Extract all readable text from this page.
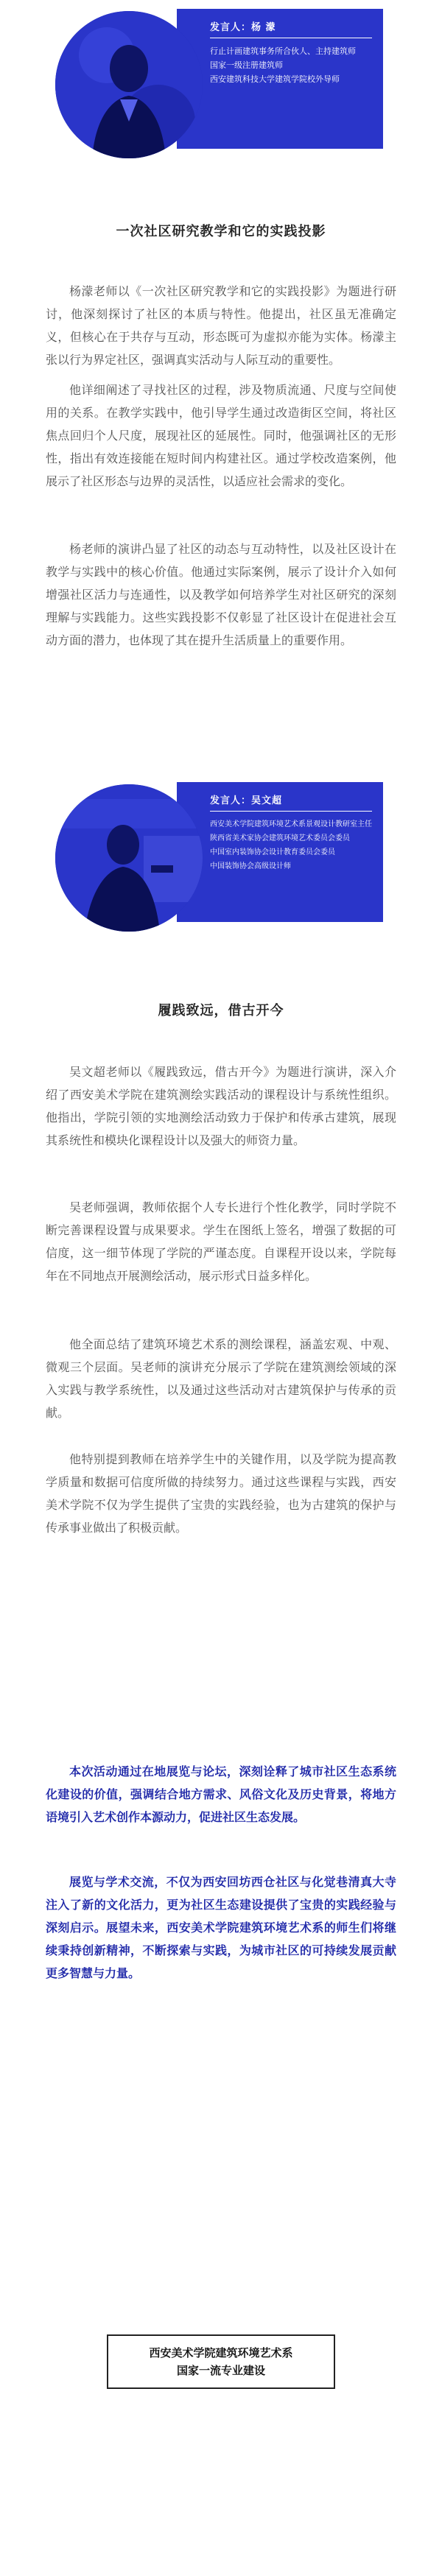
发言人：杨 濛
行止计画建筑事务所合伙人、主持建筑师
国家一级注册建筑师
西安建筑科技大学建筑学院校外导师
一次社区研究教学和它的实践投影

杨濛老师以《一次社区研究教学和它的实践投影》为题进行研讨，他深刻探讨了社区的本质与特性。他提出，社区虽无准确定义，但核心在于共存与互动，形态既可为虚拟亦能为实体。杨濛主张以行为界定社区，强调真实活动与人际互动的重要性。

他详细阐述了寻找社区的过程，涉及物质流通、尺度与空间使用的关系。在教学实践中，他引导学生通过改造街区空间，将社区焦点回归个人尺度，展现社区的延展性。同时，他强调社区的无形性，指出有效连接能在短时间内构建社区。通过学校改造案例，他展示了社区形态与边界的灵活性，以适应社会需求的变化。

杨老师的演讲凸显了社区的动态与互动特性，以及社区设计在教学与实践中的核心价值。他通过实际案例，展示了设计介入如何增强社区活力与连通性，以及教学如何培养学生对社区研究的深刻理解与实践能力。这些实践投影不仅彰显了社区设计在促进社会互动方面的潜力，也体现了其在提升生活质量上的重要作用。

发言人：吴文超
西安美术学院建筑环境艺术系景观设计教研室主任
陕西省美术家协会建筑环境艺术委员会委员
中国室内装饰协会设计教育委员会委员
中国装饰协会高级设计师
履践致远，借古开今

吴文超老师以《履践致远，借古开今》为题进行演讲，深入介绍了西安美术学院在建筑测绘实践活动的课程设计与系统性组织。他指出，学院引领的实地测绘活动致力于保护和传承古建筑，展现其系统性和模块化课程设计以及强大的师资力量。

吴老师强调，教师依据个人专长进行个性化教学，同时学院不断完善课程设置与成果要求。学生在图纸上签名，增强了数据的可信度，这一细节体现了学院的严谨态度。自课程开设以来，学院每年在不同地点开展测绘活动，展示形式日益多样化。

他全面总结了建筑环境艺术系的测绘课程，涵盖宏观、中观、微观三个层面。吴老师的演讲充分展示了学院在建筑测绘领域的深入实践与教学系统性，以及通过这些活动对古建筑保护与传承的贡献。

他特别提到教师在培养学生中的关键作用，以及学院为提高教学质量和数据可信度所做的持续努力。通过这些课程与实践，西安美术学院不仅为学生提供了宝贵的实践经验，也为古建筑的保护与传承事业做出了积极贡献。

本次活动通过在地展览与论坛，深刻诠释了城市社区生态系统化建设的价值，强调结合地方需求、风俗文化及历史背景，将地方语境引入艺术创作本源动力，促进社区生态发展。

展览与学术交流，不仅为西安回坊西仓社区与化觉巷清真大寺注入了新的文化活力，更为社区生态建设提供了宝贵的实践经验与深刻启示。展望未来，西安美术学院建筑环境艺术系的师生们将继续秉持创新精神，不断探索与实践，为城市社区的可持续发展贡献更多智慧与力量。

西安美术学院建筑环境艺术系
国家一流专业建设
